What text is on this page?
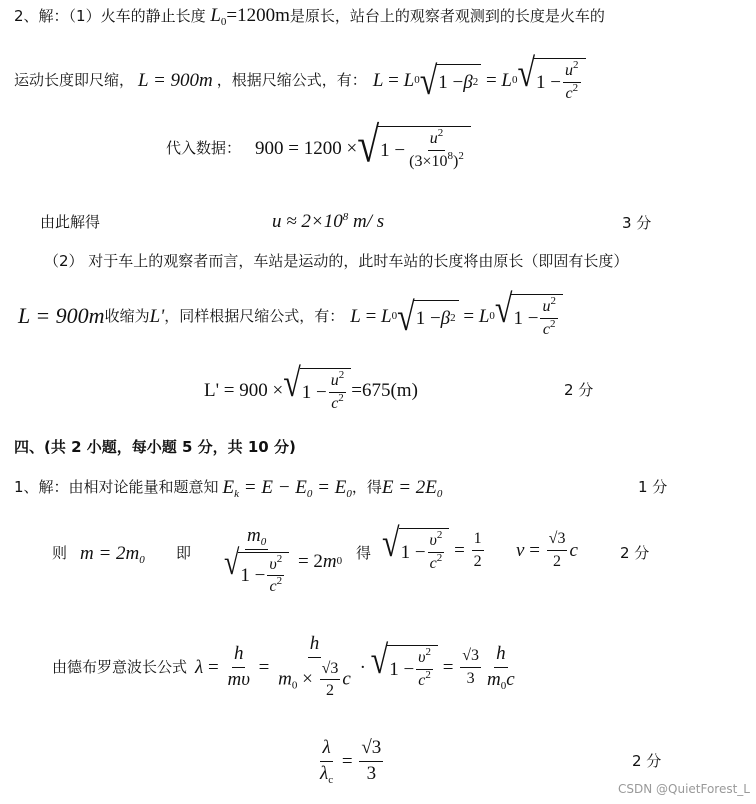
2、解：（1）火车的静止长度 $L_0=1200m$是原长，站台上的观察者观测到的长度是火车的
运动长度即尺缩， L = 900m ，根据尺缩公式，有： L = L 0 √ 1 − β 2 = L 0 √ $1 - \frac{u^2}{c^2}$
代入数据： 900 = 1200 × √ $1 - \frac{u^2}{(3\times 10^8)^2}$
由此解得	$u \approx 2\times 10^8$ m/ s	3 分
（2） 对于车上的观察者而言，车站是运动的，此时车站的长度将由原长（即固有长度）
L = 900m 收缩为 L' ，同样根据尺缩公式，有： L = L 0 √ 1 − β 2 = L 0 √ $1 - \frac{u^2}{c^2}$
L' = 900 × √ $1 - \frac{u^2}{c^2} =675(m)$	2 分
四、(共 2 小题，每小题 5 分，共 10 分)
1、解：由相对论能量和题意知 $E_k = E - E_0 = E_0$ ，得 $E = 2E_0$	1 分
则 $m = 2m_0$ 即 $\frac{m_0}{√ 1 - \frac{\upsilon^2}{c^2}} = 2$ m 0 得 √ $1 - \frac{\upsilon^2}{c^2} = \frac{1}{2}$ $v = \frac{√3}{2}$ c	2 分
由德布罗意波长公式 $\lambda = \frac{h}{m\upsilon} = \frac{h}{m_0 \times \frac{√3}{2} c}$ · √ $1 - \frac{\upsilon^2}{c^2} = \frac{√3}{3} \frac{h}{m_0c}$
$\frac{\lambda}{\lambda_c} = \frac{√3}{3}$	2 分
CSDN @QuietForest_L
